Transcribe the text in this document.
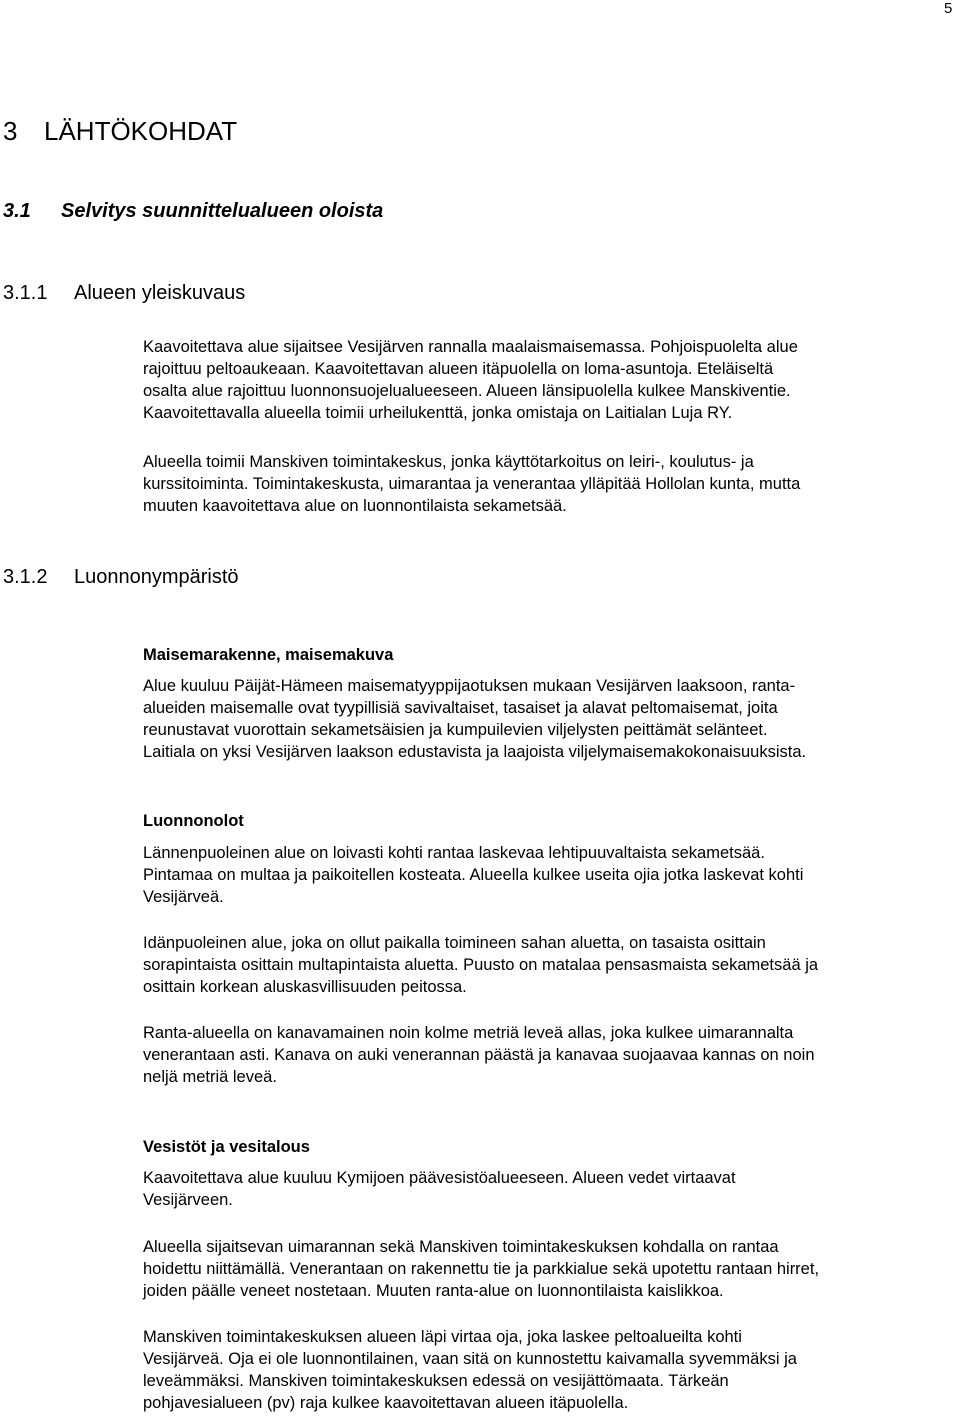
5
3 LÄHTÖKOHDAT
3.1 Selvitys suunnittelualueen oloista
3.1.1 Alueen yleiskuvaus

Kaavoitettava alue sijaitsee Vesijärven rannalla maalaismaisemassa. Pohjoispuolelta alue
rajoittuu peltoaukeaan. Kaavoitettavan alueen itäpuolella on loma-asuntoja. Eteläiseltä
osalta alue rajoittuu luonnonsuojelualueeseen. Alueen länsipuolella kulkee Manskiventie.
Kaavoitettavalla alueella toimii urheilukenttä, jonka omistaja on Laitialan Luja RY.

Alueella toimii Manskiven toimintakeskus, jonka käyttötarkoitus on leiri-, koulutus- ja
kurssitoiminta. Toimintakeskusta, uimarantaa ja venerantaa ylläpitää Hollolan kunta, mutta
muuten kaavoitettava alue on luonnontilaista sekametsää.

3.1.2 Luonnonympäristö
Maisemarakenne, maisemakuva

Alue kuuluu Päijät-Hämeen maisematyyppijaotuksen mukaan Vesijärven laaksoon, ranta-
alueiden maisemalle ovat tyypillisiä savivaltaiset, tasaiset ja alavat peltomaisemat, joita
reunustavat vuorottain sekametsäisien ja kumpuilevien viljelysten peittämät selänteet.
Laitiala on yksi Vesijärven laakson edustavista ja laajoista viljelymaisemakokonaisuuksista.

Luonnonolot

Lännenpuoleinen alue on loivasti kohti rantaa laskevaa lehtipuuvaltaista sekametsää.
Pintamaa on multaa ja paikoitellen kosteata. Alueella kulkee useita ojia jotka laskevat kohti
Vesijärveä.

Idänpuoleinen alue, joka on ollut paikalla toimineen sahan aluetta, on tasaista osittain
sorapintaista osittain multapintaista aluetta. Puusto on matalaa pensasmaista sekametsää ja
osittain korkean aluskasvillisuuden peitossa.

Ranta-alueella on kanavamainen noin kolme metriä leveä allas, joka kulkee uimarannalta
venerantaan asti. Kanava on auki venerannan päästä ja kanavaa suojaavaa kannas on noin
neljä metriä leveä.

Vesistöt ja vesitalous

Kaavoitettava alue kuuluu Kymijoen päävesistöalueeseen. Alueen vedet virtaavat
Vesijärveen.

Alueella sijaitsevan uimarannan sekä Manskiven toimintakeskuksen kohdalla on rantaa
hoidettu niittämällä. Venerantaan on rakennettu tie ja parkkialue sekä upotettu rantaan hirret,
joiden päälle veneet nostetaan. Muuten ranta-alue on luonnontilaista kaislikkoa.

Manskiven toimintakeskuksen alueen läpi virtaa oja, joka laskee peltoalueilta kohti
Vesijärveä. Oja ei ole luonnontilainen, vaan sitä on kunnostettu kaivamalla syvemmäksi ja
leveämmäksi. Manskiven toimintakeskuksen edessä on vesijättömaata. Tärkeän
pohjavesialueen (pv) raja kulkee kaavoitettavan alueen itäpuolella.
